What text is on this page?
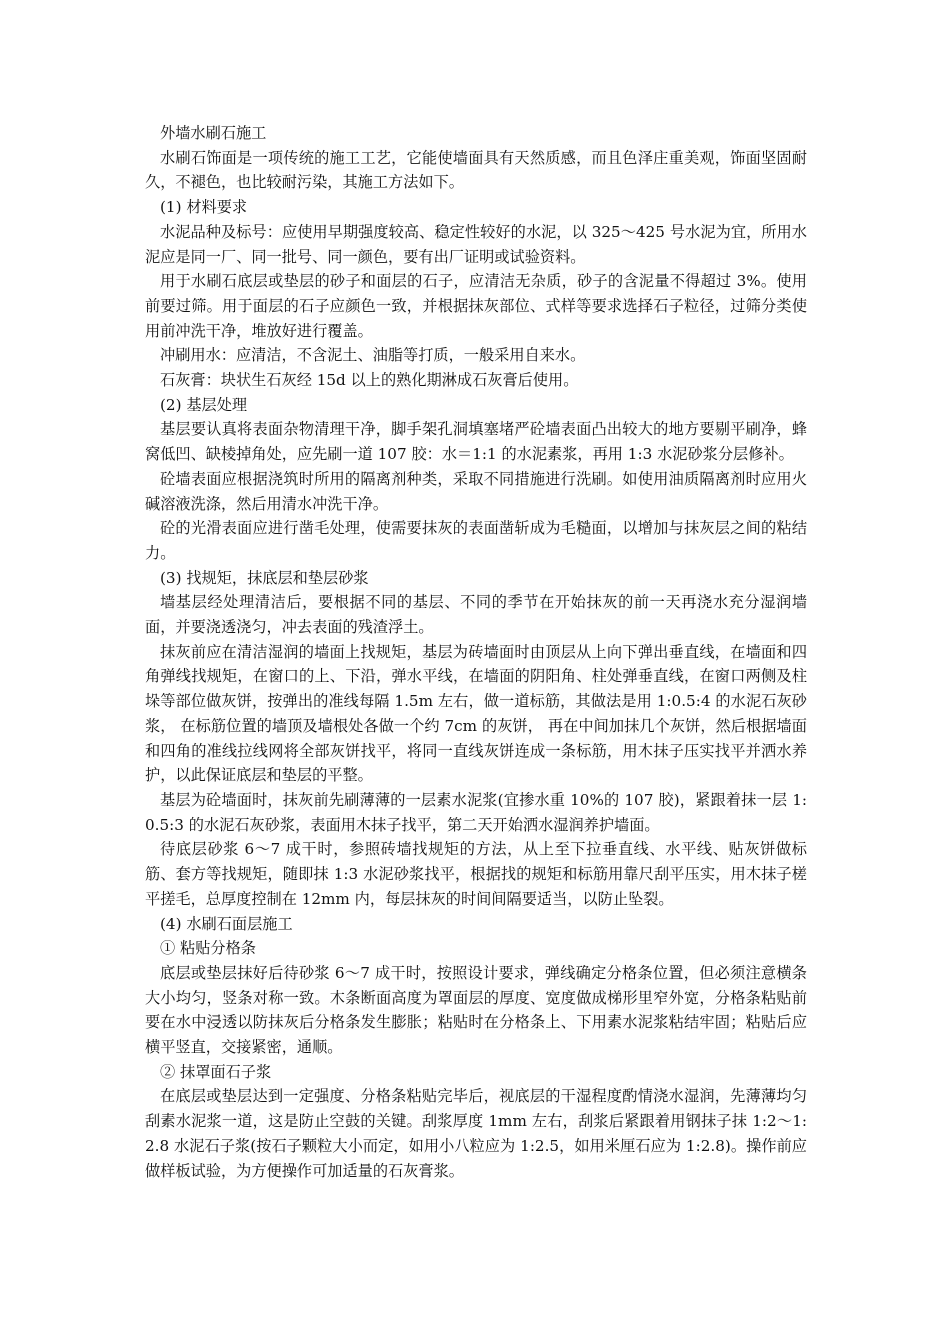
外墙水刷石施工

水刷石饰面是一项传统的施工工艺，它能使墙面具有天然质感，而且色泽庄重美观，饰面坚固耐久，不褪色，也比较耐污染，其施工方法如下。

(1) 材料要求

水泥品种及标号：应使用早期强度较高、稳定性较好的水泥，以 325～425 号水泥为宜，所用水泥应是同一厂、同一批号、同一颜色，要有出厂证明或试验资料。

用于水刷石底层或垫层的砂子和面层的石子，应清洁无杂质，砂子的含泥量不得超过 3%。使用前要过筛。用于面层的石子应颜色一致，并根据抹灰部位、式样等要求选择石子粒径，过筛分类使用前冲洗干净，堆放好进行覆盖。

冲刷用水：应清洁，不含泥土、油脂等打质，一般采用自来水。

石灰膏：块状生石灰经 15d 以上的熟化期淋成石灰膏后使用。

(2) 基层处理

基层要认真将表面杂物清理干净，脚手架孔洞填塞堵严砼墙表面凸出较大的地方要剔平刷净，蜂窝低凹、缺棱掉角处，应先刷一道 107 胶：水＝1:1 的水泥素浆，再用 1:3 水泥砂浆分层修补。

砼墙表面应根据浇筑时所用的隔离剂种类，采取不同措施进行洗刷。如使用油质隔离剂时应用火碱溶液洗涤，然后用清水冲洗干净。

砼的光滑表面应进行凿毛处理，使需要抹灰的表面凿斩成为毛糙面，以增加与抹灰层之间的粘结力。

(3) 找规矩，抹底层和垫层砂浆

墙基层经处理清洁后，要根据不同的基层、不同的季节在开始抹灰的前一天再浇水充分湿润墙面，并要浇透浇匀，冲去表面的残渣浮土。

抹灰前应在清洁湿润的墙面上找规矩，基层为砖墙面时由顶层从上向下弹出垂直线，在墙面和四角弹线找规矩，在窗口的上、下沿，弹水平线，在墙面的阴阳角、柱处弹垂直线，在窗口两侧及柱垛等部位做灰饼，按弹出的准线每隔 1.5m 左右，做一道标筋，其做法是用 1:0.5:4 的水泥石灰砂浆， 在标筋位置的墙顶及墙根处各做一个约 7cm 的灰饼， 再在中间加抹几个灰饼，然后根据墙面和四角的准线拉线网将全部灰饼找平，将同一直线灰饼连成一条标筋，用木抹子压实找平并洒水养护，以此保证底层和垫层的平整。

基层为砼墙面时，抹灰前先刷薄薄的一层素水泥浆(宜掺水重 10%的 107 胶)，紧跟着抹一层 1:0.5:3 的水泥石灰砂浆，表面用木抹子找平，第二天开始洒水湿润养护墙面。

待底层砂浆 6～7 成干时，参照砖墙找规矩的方法，从上至下拉垂直线、水平线、贴灰饼做标筋、套方等找规矩，随即抹 1:3 水泥砂浆找平，根据找的规矩和标筋用靠尺刮平压实，用木抹子槎平搓毛，总厚度控制在 12mm 内，每层抹灰的时间间隔要适当，以防止坠裂。

(4) 水刷石面层施工

① 粘贴分格条

底层或垫层抹好后待砂浆 6～7 成干时，按照设计要求，弹线确定分格条位置，但必须注意横条大小均匀，竖条对称一致。木条断面高度为罩面层的厚度、宽度做成梯形里窄外宽，分格条粘贴前要在水中浸透以防抹灰后分格条发生膨胀；粘贴时在分格条上、下用素水泥浆粘结牢固；粘贴后应横平竖直，交接紧密，通顺。

② 抹罩面石子浆

在底层或垫层达到一定强度、分格条粘贴完毕后，视底层的干湿程度酌情浇水湿润，先薄薄均匀刮素水泥浆一道，这是防止空鼓的关键。刮浆厚度 1mm 左右，刮浆后紧跟着用钢抹子抹 1:2～1:2.8 水泥石子浆(按石子颗粒大小而定，如用小八粒应为 1:2.5，如用米厘石应为 1:2.8)。操作前应做样板试验，为方便操作可加适量的石灰膏浆。
